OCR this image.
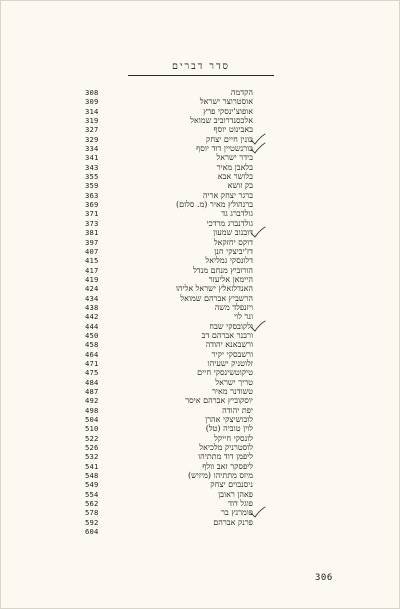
סדר דברים
308	הקדמה
309	אוסטרוצר ישראל
314	אופוצ'ינסקי פרץ
319	אלכסנדרוביב שמואל
327	באבינוט יוסף
329	בונין חיים יצחק
334	בורנשטיין דוד יוסף
341	בידר ישראל
343	בלאבן מאיר
355	בלושר אבא
359	בק זושא
363	ברגר יצחק אריה
369	ברנהולץ מאיר (מ. סלום)
371	גולדברג גד
373	גולדנברג מרדכי
381	דובנוב שמעון
397	דוקס יחזקאל
407	דז'יביצקי חנן
415	דלונסקי גמליאל
417	הורוביץ מנחם מנדל
419	היימאן אליעזר
424	האנדלזאלץ ישראל אליהו
434	הרשביץ אברהם שמואל
438	ויזנפלד משה
442	ונר לוי
444	ולקובסקי שבח
450	ורבנר אברהם דב
458	ורשבאנא יהודה
464	ורשבסקי יקיר
471	זלוטניק ישעיהו
475	טיקוטשינסקי חיים
484	טריך ישראל
487	טשודנר מאיר
492	יוסקוביץ אברהם איסר
498	יפת יהודה
504	לובושיצקי אהרן
510	לוין טוביה (טל)
522	לונסקי חייקל
526	לוסטרניק מלכיאל
532	ליפמן דוד מתתיהו
541	ליפסקר זאב וולף
548	מיזס מתתיהו (מיזיש)
549	ניסנבוים יצחק
554	פאהן ראובן
562	פוגל דוד
578	פומרנץ בר
592	פרנק אברהם
604
306
